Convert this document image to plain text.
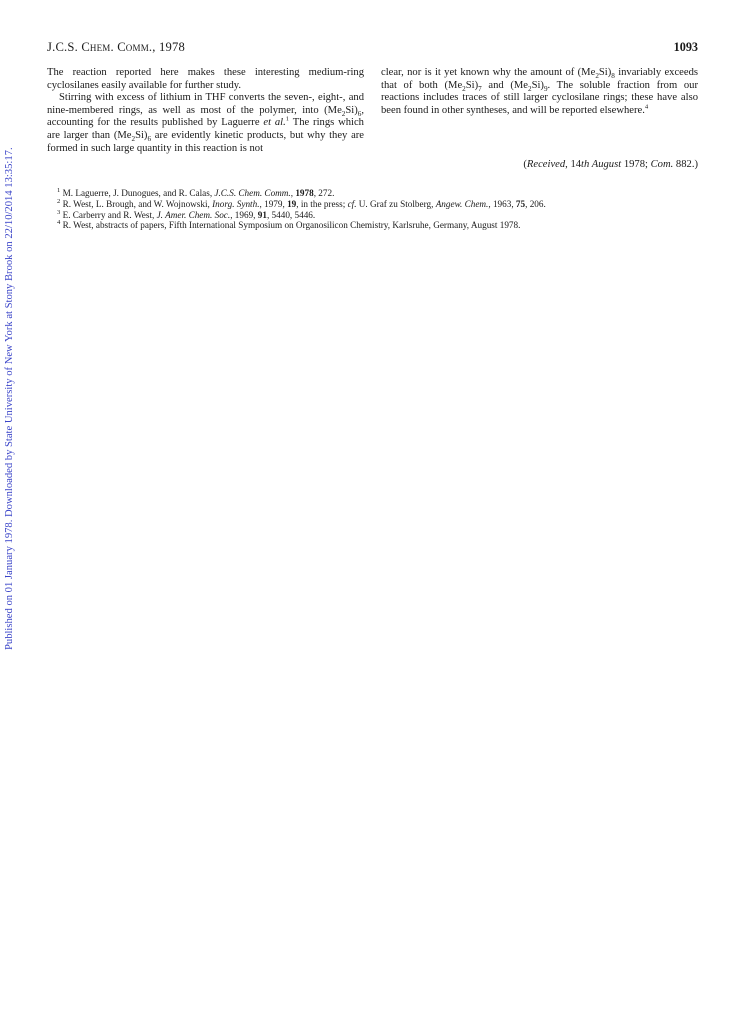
Published on 01 January 1978. Downloaded by State University of New York at Stony Brook on 22/10/2014 13:35:17.
J.C.S. Chem. Comm., 1978	1093

The reaction reported here makes these interesting medium-ring cyclosilanes easily available for further study.

Stirring with excess of lithium in THF converts the seven-, eight-, and nine-membered rings, as well as most of the polymer, into $(Me_2Si)_6$, accounting for the results published by Laguerre et al.$^1$ The rings which are larger than $(Me_2Si)_6$ are evidently kinetic products, but why they are formed in such large quantity in this reaction is not

clear, nor is it yet known why the amount of $(Me_2Si)_8$ invariably exceeds that of both $(Me_2Si)_7$ and $(Me_2Si)_9$. The soluble fraction from our reactions includes traces of still larger cyclosilane rings; these have also been found in other syntheses, and will be reported elsewhere.$^4$

(Received, 14th August 1978; Com. 882.)

$^1$ M. Laguerre, J. Dunogues, and R. Calas, J.C.S. Chem. Comm., 1978, 272.

$^2$ R. West, L. Brough, and W. Wojnowski, Inorg. Synth., 1979, 19, in the press; cf. U. Graf zu Stolberg, Angew. Chem., 1963, 75, 206.

$^3$ E. Carberry and R. West, J. Amer. Chem. Soc., 1969, 91, 5440, 5446.

$^4$ R. West, abstracts of papers, Fifth International Symposium on Organosilicon Chemistry, Karlsruhe, Germany, August 1978.
